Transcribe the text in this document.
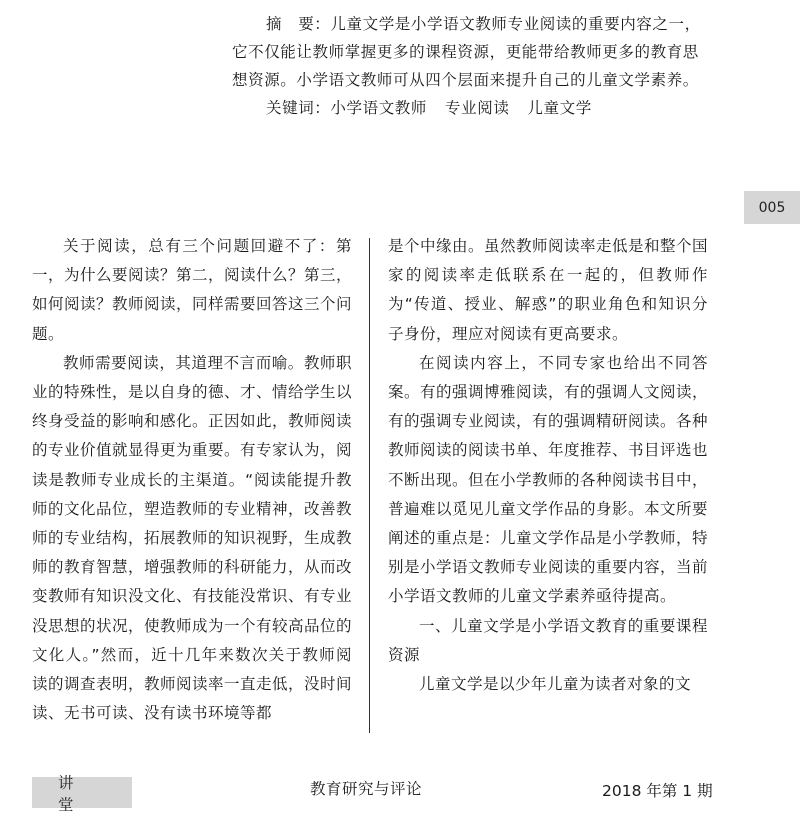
摘　要：儿童文学是小学语文教师专业阅读的重要内容之一，

它不仅能让教师掌握更多的课程资源，更能带给教师更多的教育思

想资源。小学语文教师可从四个层面来提升自己的儿童文学素养。

关键词：小学语文教师 专业阅读 儿童文学

005

关于阅读，总有三个问题回避不了：第一，为什么要阅读？第二，阅读什么？第三，如何阅读？教师阅读，同样需要回答这三个问题。

教师需要阅读，其道理不言而喻。教师职业的特殊性，是以自身的德、才、情给学生以终身受益的影响和感化。正因如此，教师阅读的专业价值就显得更为重要。有专家认为，阅读是教师专业成长的主渠道。“阅读能提升教师的文化品位，塑造教师的专业精神，改善教师的专业结构，拓展教师的知识视野，生成教师的教育智慧，增强教师的科研能力，从而改变教师有知识没文化、有技能没常识、有专业没思想的状况，使教师成为一个有较高品位的文化人。”然而，近十几年来数次关于教师阅读的调查表明，教师阅读率一直走低，没时间读、无书可读、没有读书环境等都

是个中缘由。虽然教师阅读率走低是和整个国家的阅读率走低联系在一起的，但教师作为“传道、授业、解惑”的职业角色和知识分子身份，理应对阅读有更高要求。

在阅读内容上，不同专家也给出不同答案。有的强调博雅阅读，有的强调人文阅读，有的强调专业阅读，有的强调精研阅读。各种教师阅读的阅读书单、年度推荐、书目评选也不断出现。但在小学教师的各种阅读书目中，普遍难以觅见儿童文学作品的身影。本文所要阐述的重点是：儿童文学作品是小学教师，特别是小学语文教师专业阅读的重要内容，当前小学语文教师的儿童文学素养亟待提高。

一、儿童文学是小学语文教育的重要课程资源

儿童文学是以少年儿童为读者对象的文

讲堂
教育研究与评论	2018 年第 1 期
